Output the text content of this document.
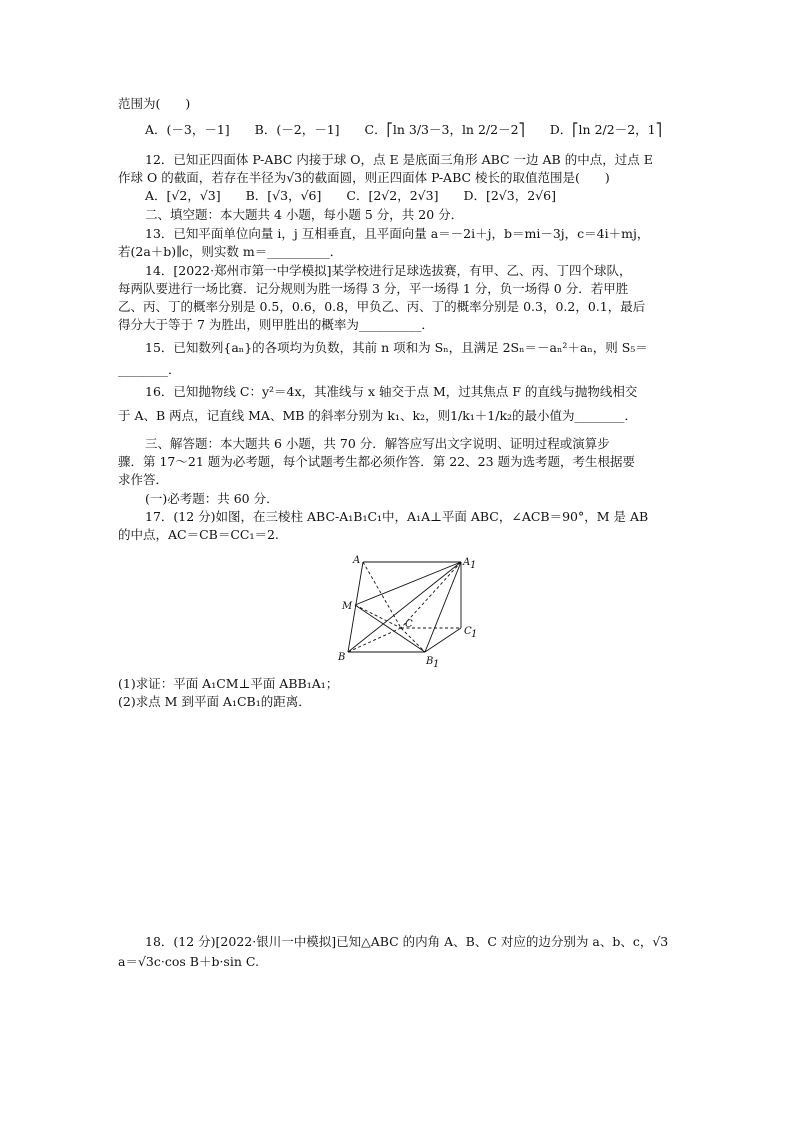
范围为(　　)
A．(－3，－1]　　B．(－2，－1]　　C．⎡ln 3/3－3，ln 2/2－2⎤　　D．⎡ln 2/2－2，1⎤
12．已知正四面体 P-ABC 内接于球 O，点 E 是底面三角形 ABC 一边 AB 的中点，过点 E
作球 O 的截面，若存在半径为√3的截面圆，则正四面体 P-ABC 棱长的取值范围是(　　)
A．[√2，√3]　　B．[√3，√6]　　C．[2√2，2√3]　　D．[2√3，2√6]
二、填空题：本大题共 4 小题，每小题 5 分，共 20 分．
13．已知平面单位向量 i，j 互相垂直，且平面向量 a＝－2i＋j，b＝mi－3j，c＝4i＋mj，
若(2a＋b)∥c，则实数 m＝__________．
14．[2022·郑州市第一中学模拟]某学校进行足球选拔赛，有甲、乙、丙、丁四个球队，
每两队要进行一场比赛．记分规则为胜一场得 3 分，平一场得 1 分，负一场得 0 分．若甲胜
乙、丙、丁的概率分别是 0.5，0.6，0.8，甲负乙、丙、丁的概率分别是 0.3，0.2，0.1，最后
得分大于等于 7 为胜出，则甲胜出的概率为__________．
15．已知数列{aₙ}的各项均为负数，其前 n 项和为 Sₙ，且满足 2Sₙ＝－aₙ²＋aₙ，则 S₅＝
________．
16．已知抛物线 C：y²＝4x，其准线与 x 轴交于点 M，过其焦点 F 的直线与抛物线相交
于 A、B 两点，记直线 MA、MB 的斜率分别为 k₁、k₂，则1/k₁＋1/k₂的最小值为________．
三、解答题：本大题共 6 小题，共 70 分．解答应写出文字说明、证明过程或演算步
骤．第 17～21 题为必考题，每个试题考生都必须作答．第 22、23 题为选考题，考生根据要
求作答．
(一)必考题：共 60 分．
17．(12 分)如图，在三棱柱 ABC-A₁B₁C₁中，A₁A⊥平面 ABC，∠ACB＝90°，M 是 AB
的中点，AC＝CB＝CC₁＝2.
A	A 1
M
C
C 1
B	B 1
(1)求证：平面 A₁CM⊥平面 ABB₁A₁；
(2)求点 M 到平面 A₁CB₁的距离．
18．(12 分)[2022·银川一中模拟]已知△ABC 的内角 A、B、C 对应的边分别为 a、b、c，√3
a＝√3c·cos B＋b·sin C.
